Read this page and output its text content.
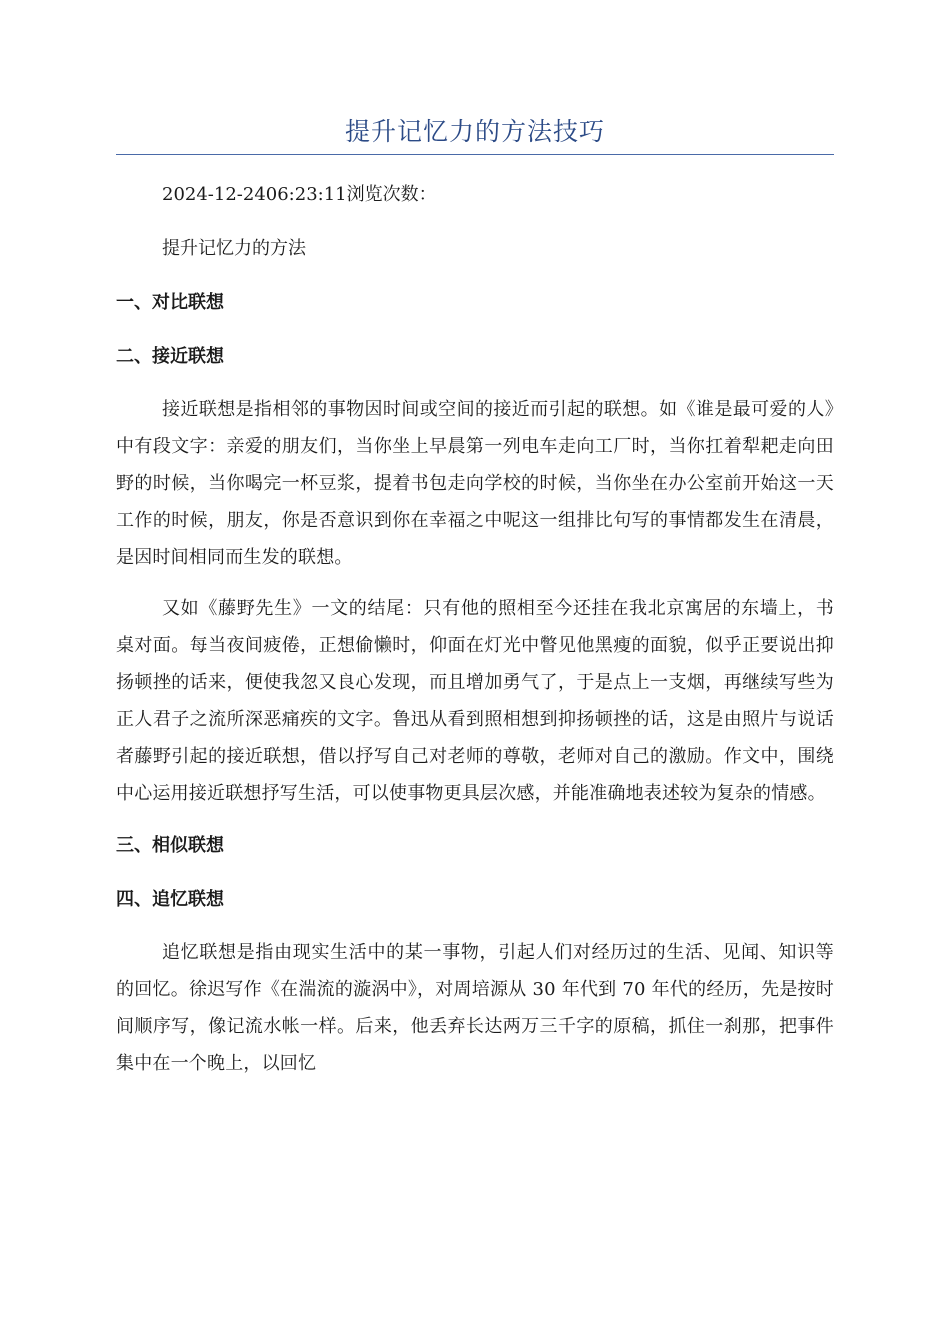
提升记忆力的方法技巧

2024-12-2406:23:11浏览次数：

提升记忆力的方法

一、对比联想

二、接近联想

接近联想是指相邻的事物因时间或空间的接近而引起的联想。如《谁是最可爱的人》中有段文字：亲爱的朋友们，当你坐上早晨第一列电车走向工厂时，当你扛着犁耙走向田野的时候，当你喝完一杯豆浆，提着书包走向学校的时候，当你坐在办公室前开始这一天工作的时候，朋友，你是否意识到你在幸福之中呢这一组排比句写的事情都发生在清晨，是因时间相同而生发的联想。

又如《藤野先生》一文的结尾：只有他的照相至今还挂在我北京寓居的东墙上，书桌对面。每当夜间疲倦，正想偷懒时，仰面在灯光中瞥见他黑瘦的面貌，似乎正要说出抑扬顿挫的话来，便使我忽又良心发现，而且增加勇气了，于是点上一支烟，再继续写些为正人君子之流所深恶痛疾的文字。鲁迅从看到照相想到抑扬顿挫的话，这是由照片与说话者藤野引起的接近联想，借以抒写自己对老师的尊敬，老师对自己的激励。作文中，围绕中心运用接近联想抒写生活，可以使事物更具层次感，并能准确地表述较为复杂的情感。

三、相似联想

四、追忆联想

追忆联想是指由现实生活中的某一事物，引起人们对经历过的生活、见闻、知识等的回忆。徐迟写作《在湍流的漩涡中》，对周培源从 30 年代到 70 年代的经历，先是按时间顺序写，像记流水帐一样。后来，他丢弃长达两万三千字的原稿，抓住一刹那，把事件集中在一个晚上，以回忆
